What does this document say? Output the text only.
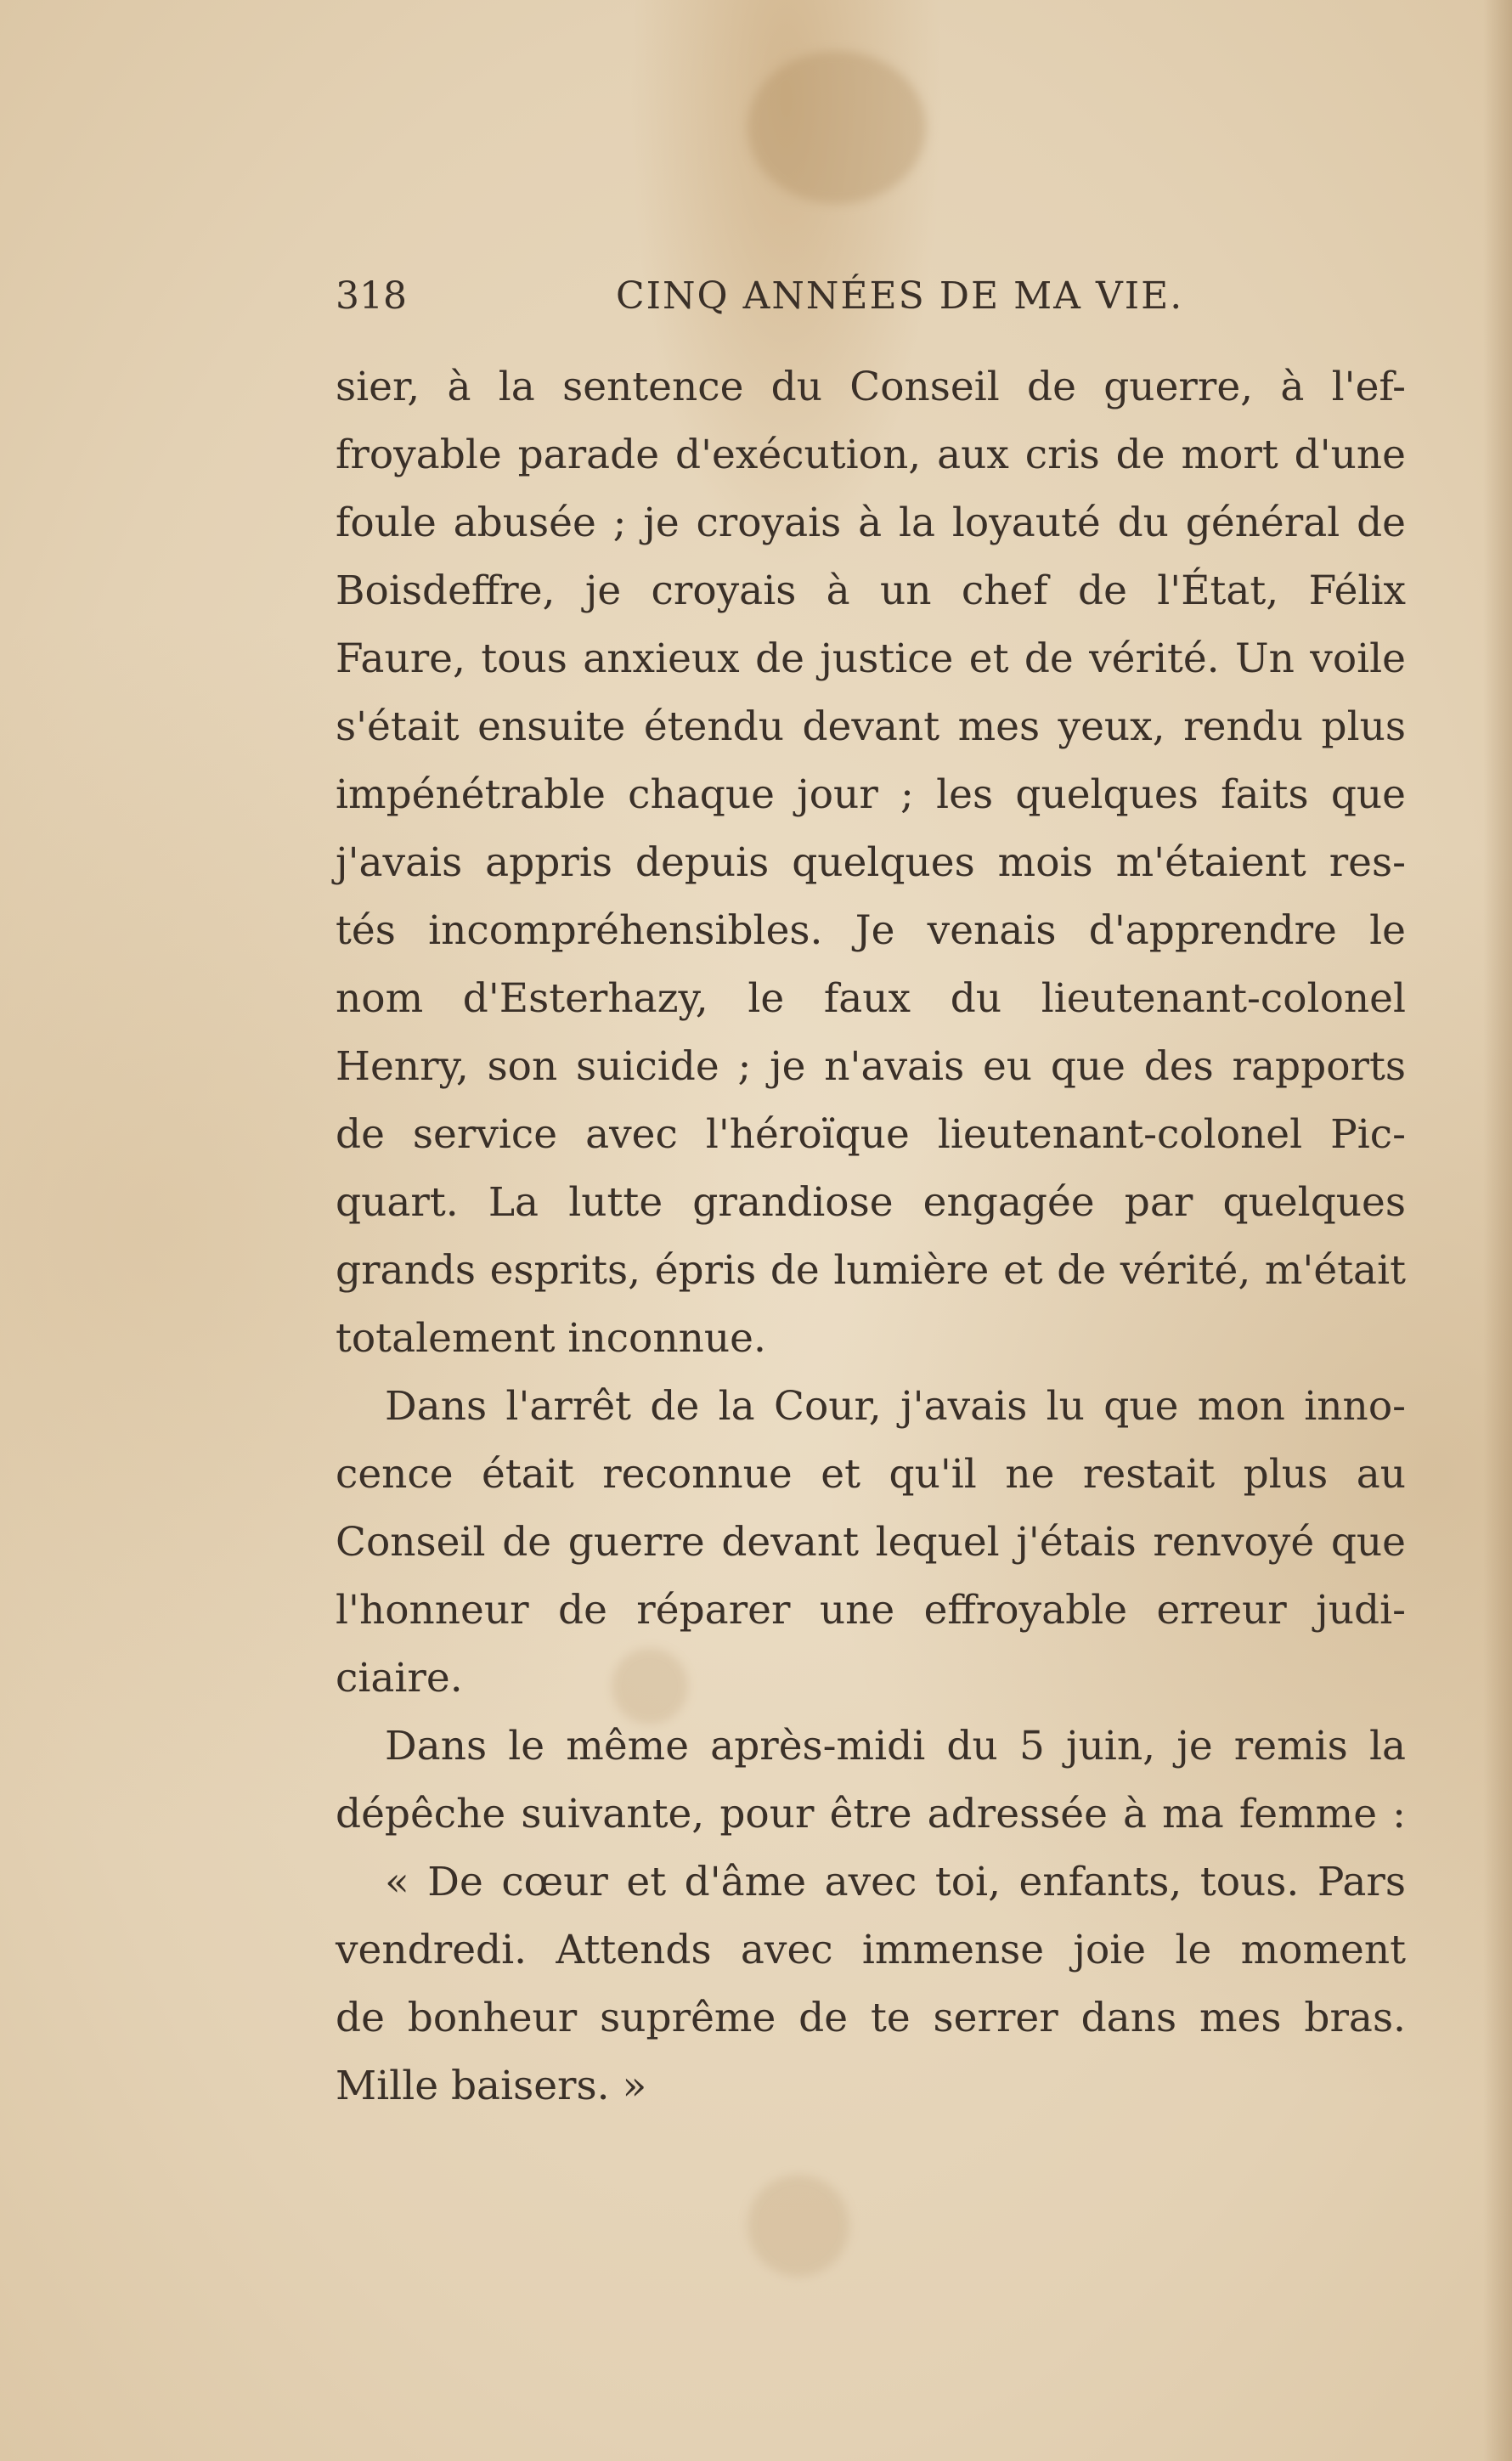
318	CINQ ANNÉES DE MA VIE.
sier, à la sentence du Conseil de guerre, à l'ef-
froyable parade d'exécution, aux cris de mort d'une
foule abusée ; je croyais à la loyauté du général de
Boisdeffre, je croyais à un chef de l'État, Félix
Faure, tous anxieux de justice et de vérité. Un voile
s'était ensuite étendu devant mes yeux, rendu plus
impénétrable chaque jour ; les quelques faits que
j'avais appris depuis quelques mois m'étaient res-
tés incompréhensibles. Je venais d'apprendre le
nom d'Esterhazy, le faux du lieutenant-colonel
Henry, son suicide ; je n'avais eu que des rapports
de service avec l'héroïque lieutenant-colonel Pic-
quart. La lutte grandiose engagée par quelques
grands esprits, épris de lumière et de vérité, m'était
totalement inconnue.
Dans l'arrêt de la Cour, j'avais lu que mon inno-
cence était reconnue et qu'il ne restait plus au
Conseil de guerre devant lequel j'étais renvoyé que
l'honneur de réparer une effroyable erreur judi-
ciaire.
Dans le même après-midi du 5 juin, je remis la
dépêche suivante, pour être adressée à ma femme :
« De cœur et d'âme avec toi, enfants, tous. Pars
vendredi. Attends avec immense joie le moment
de bonheur suprême de te serrer dans mes bras.
Mille baisers. »
